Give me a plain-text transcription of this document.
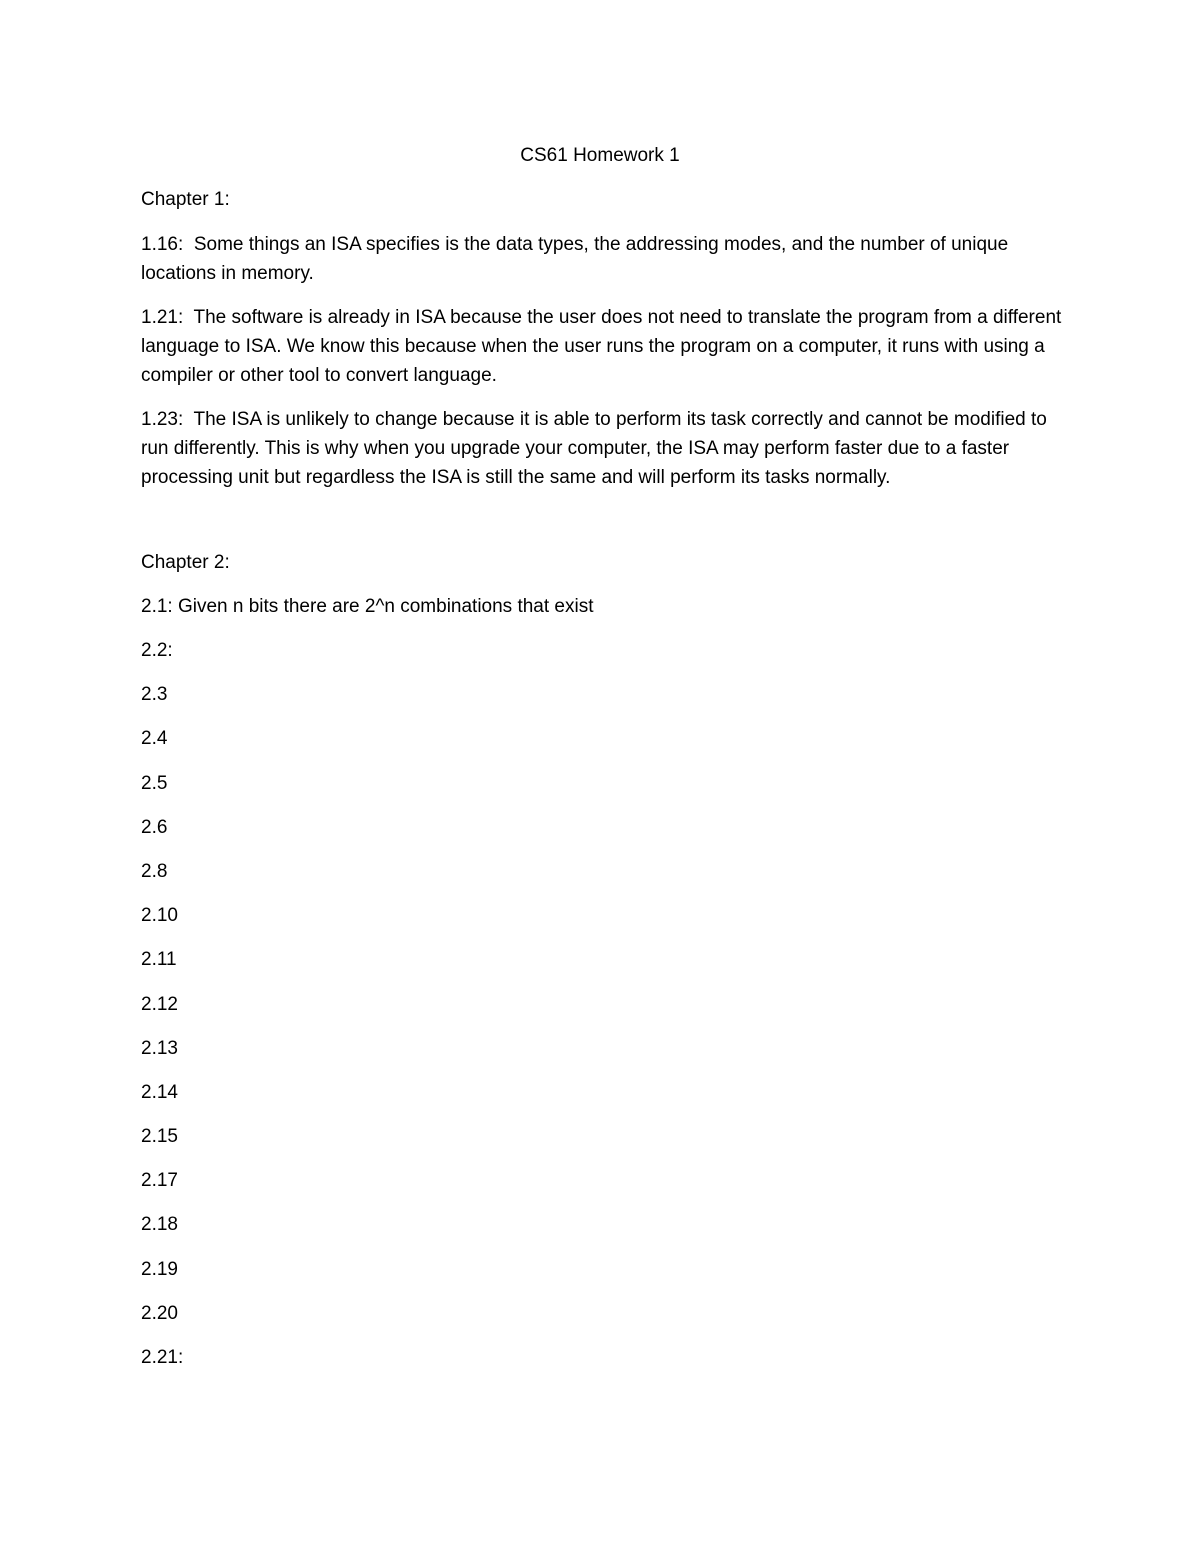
CS61 Homework 1
Chapter 1:

1.16: Some things an ISA specifies is the data types, the addressing modes, and the number of unique locations in memory.

1.21: The software is already in ISA because the user does not need to translate the program from a different language to ISA. We know this because when the user runs the program on a computer, it runs with using a compiler or other tool to convert language.

1.23: The ISA is unlikely to change because it is able to perform its task correctly and cannot be modified to run differently. This is why when you upgrade your computer, the ISA may perform faster due to a faster processing unit but regardless the ISA is still the same and will perform its tasks normally.

Chapter 2:
2.1: Given n bits there are 2^n combinations that exist
2.2:
2.3
2.4
2.5
2.6
2.8
2.10
2.11
2.12
2.13
2.14
2.15
2.17
2.18
2.19
2.20
2.21:
